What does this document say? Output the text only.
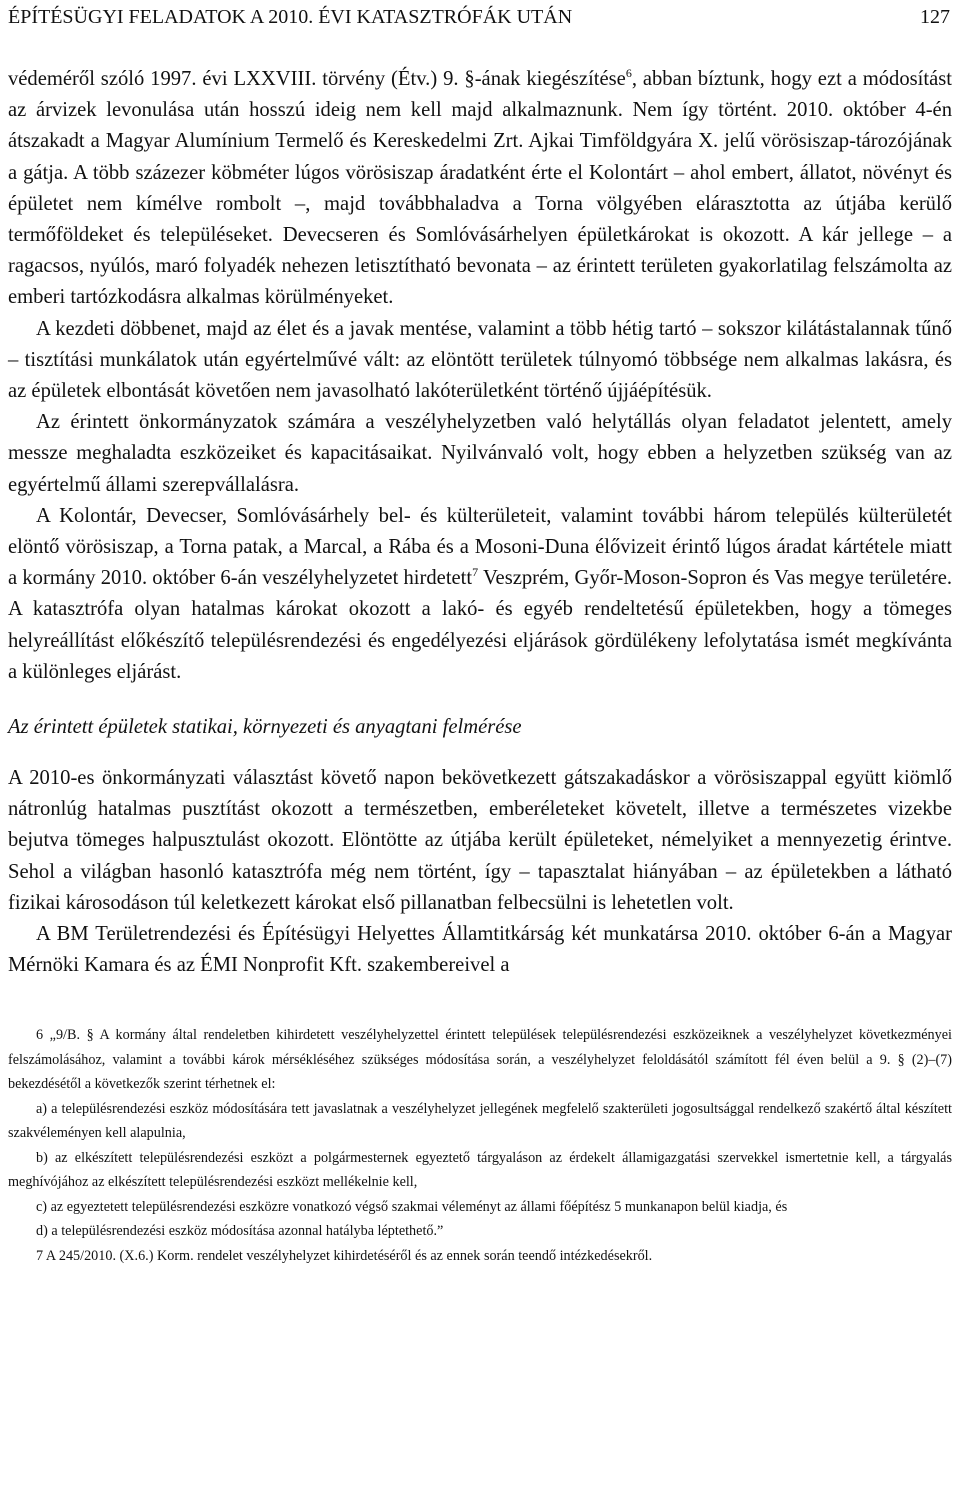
ÉPÍTÉSÜGYI FELADATOK A 2010. ÉVI KATASZTRÓFÁK UTÁN	127

védeméről szóló 1997. évi LXXVIII. törvény (Étv.) 9. §-ának kiegészítése$^6$, abban bíztunk, hogy ezt a módosítást az árvizek levonulása után hosszú ideig nem kell majd alkalmaznunk. Nem így történt. 2010. október 4-én átszakadt a Magyar Alumínium Termelő és Kereskedelmi Zrt. Ajkai Timföldgyára X. jelű vörösiszap-tározójának a gátja. A több százezer köbméter lúgos vörösiszap áradatként érte el Kolontárt – ahol embert, állatot, növényt és épületet nem kímélve rombolt –, majd továbbhaladva a Torna völgyében elárasztotta az útjába kerülő termőföldeket és településeket. Devecseren és Somlóvásárhelyen épületkárokat is okozott. A kár jellege – a ragacsos, nyúlós, maró folyadék nehezen letisztítható bevonata – az érintett területen gyakorlatilag felszámolta az emberi tartózkodásra alkalmas körülményeket.

A kezdeti döbbenet, majd az élet és a javak mentése, valamint a több hétig tartó – sokszor kilátástalannak tűnő – tisztítási munkálatok után egyértelművé vált: az elöntött területek túlnyomó többsége nem alkalmas lakásra, és az épületek elbontását követően nem javasolható lakóterületként történő újjáépítésük.

Az érintett önkormányzatok számára a veszélyhelyzetben való helytállás olyan feladatot jelentett, amely messze meghaladta eszközeiket és kapacitásaikat. Nyilvánvaló volt, hogy ebben a helyzetben szükség van az egyértelmű állami szerepvállalásra.

A Kolontár, Devecser, Somlóvásárhely bel- és külterületeit, valamint további három település külterületét elöntő vörösiszap, a Torna patak, a Marcal, a Rába és a Mosoni-Duna élővizeit érintő lúgos áradat kártétele miatt a kormány 2010. október 6-án veszélyhelyzetet hirdetett$^7$ Veszprém, Győr-Moson-Sopron és Vas megye területére. A katasztrófa olyan hatalmas károkat okozott a lakó- és egyéb rendeltetésű épületekben, hogy a tömeges helyreállítást előkészítő településrendezési és engedélyezési eljárások gördülékeny lefolytatása ismét megkívánta a különleges eljárást.

Az érintett épületek statikai, környezeti és anyagtani felmérése

A 2010-es önkormányzati választást követő napon bekövetkezett gátszakadáskor a vörösiszappal együtt kiömlő nátronlúg hatalmas pusztítást okozott a természetben, emberéleteket követelt, illetve a természetes vizekbe bejutva tömeges halpusztulást okozott. Elöntötte az útjába került épületeket, némelyiket a mennyezetig érintve. Sehol a világban hasonló katasztrófa még nem történt, így – tapasztalat hiányában – az épületekben a látható fizikai károsodáson túl keletkezett károkat első pillanatban felbecsülni is lehetetlen volt.

A BM Területrendezési és Építésügyi Helyettes Államtitkárság két munkatársa 2010. október 6-án a Magyar Mérnöki Kamara és az ÉMI Nonprofit Kft. szakembereivel a

6 „9/B. § A kormány által rendeletben kihirdetett veszélyhelyzettel érintett települések településrendezési eszközeiknek a veszélyhelyzet következményei felszámolásához, valamint a további károk mérsékléséhez szükséges módosítása során, a veszélyhelyzet feloldásától számított fél éven belül a 9. § (2)–(7) bekezdésétől a következők szerint térhetnek el:

a) a településrendezési eszköz módosítására tett javaslatnak a veszélyhelyzet jellegének megfelelő szakterületi jogosultsággal rendelkező szakértő által készített szakvéleményen kell alapulnia,

b) az elkészített településrendezési eszközt a polgármesternek egyeztető tárgyaláson az érdekelt államigazgatási szervekkel ismertetnie kell, a tárgyalás meghívójához az elkészített településrendezési eszközt mellékelnie kell,

c) az egyeztetett településrendezési eszközre vonatkozó végső szakmai véleményt az állami főépítész 5 munkanapon belül kiadja, és

d) a településrendezési eszköz módosítása azonnal hatályba léptethető.”

7 A 245/2010. (X.6.) Korm. rendelet veszélyhelyzet kihirdetéséről és az ennek során teendő intézkedésekről.
